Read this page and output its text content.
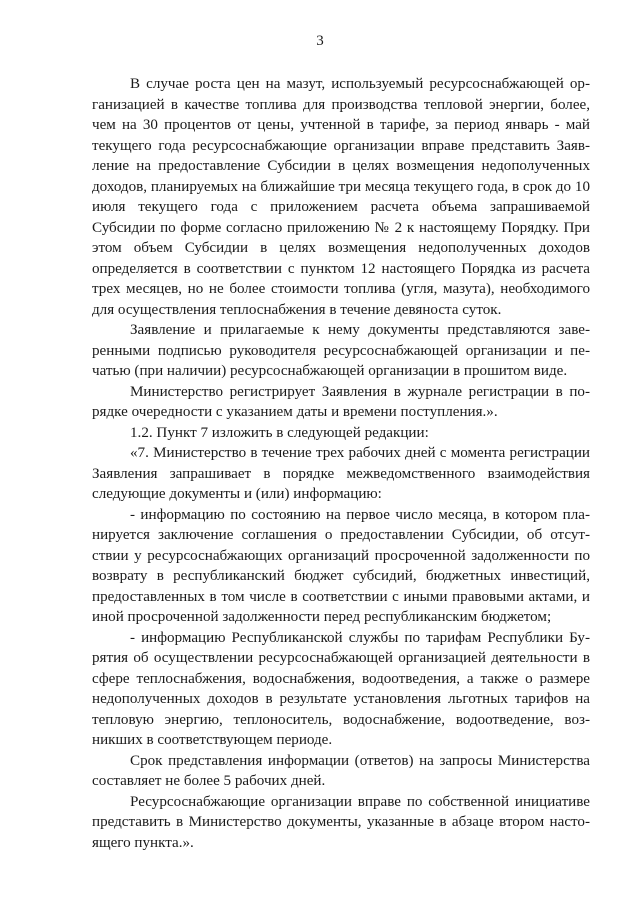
3

В случае роста цен на мазут, используемый ресурсоснабжающей организацией в качестве топлива для производства тепловой энергии, более, чем на 30 процентов от цены, учтенной в тарифе, за период январь - май текущего года ресурсоснабжающие организации вправе представить Заявление на предоставление Субсидии в целях возмещения недополученных доходов, планируемых на ближайшие три месяца текущего года, в срок до 10 июля текущего года с приложением расчета объема запрашиваемой Субсидии по форме согласно приложению № 2 к настоящему Порядку. При этом объем Субсидии в целях возмещения недополученных доходов определяется в соответствии с пунктом 12 настоящего Порядка из расчета трех месяцев, но не более стоимости топлива (угля, мазута), необходимого для осуществления теплоснабжения в течение девяноста суток.

Заявление и прилагаемые к нему документы представляются заверенными подписью руководителя ресурсоснабжающей организации и печатью (при наличии) ресурсоснабжающей организации в прошитом виде.

Министерство регистрирует Заявления в журнале регистрации в порядке очередности с указанием даты и времени поступления.».

1.2. Пункт 7 изложить в следующей редакции:

«7. Министерство в течение трех рабочих дней с момента регистрации Заявления запрашивает в порядке межведомственного взаимодействия следующие документы и (или) информацию:

- информацию по состоянию на первое число месяца, в котором планируется заключение соглашения о предоставлении Субсидии, об отсутствии у ресурсоснабжающих организаций просроченной задолженности по возврату в республиканский бюджет субсидий, бюджетных инвестиций, предоставленных в том числе в соответствии с иными правовыми актами, и иной просроченной задолженности перед республиканским бюджетом;

- информацию Республиканской службы по тарифам Республики Бурятия об осуществлении ресурсоснабжающей организацией деятельности в сфере теплоснабжения, водоснабжения, водоотведения, а также о размере недополученных доходов в результате установления льготных тарифов на тепловую энергию, теплоноситель, водоснабжение, водоотведение, возникших в соответствующем периоде.

Срок представления информации (ответов) на запросы Министерства составляет не более 5 рабочих дней.

Ресурсоснабжающие организации вправе по собственной инициативе представить в Министерство документы, указанные в абзаце втором настоящего пункта.».
